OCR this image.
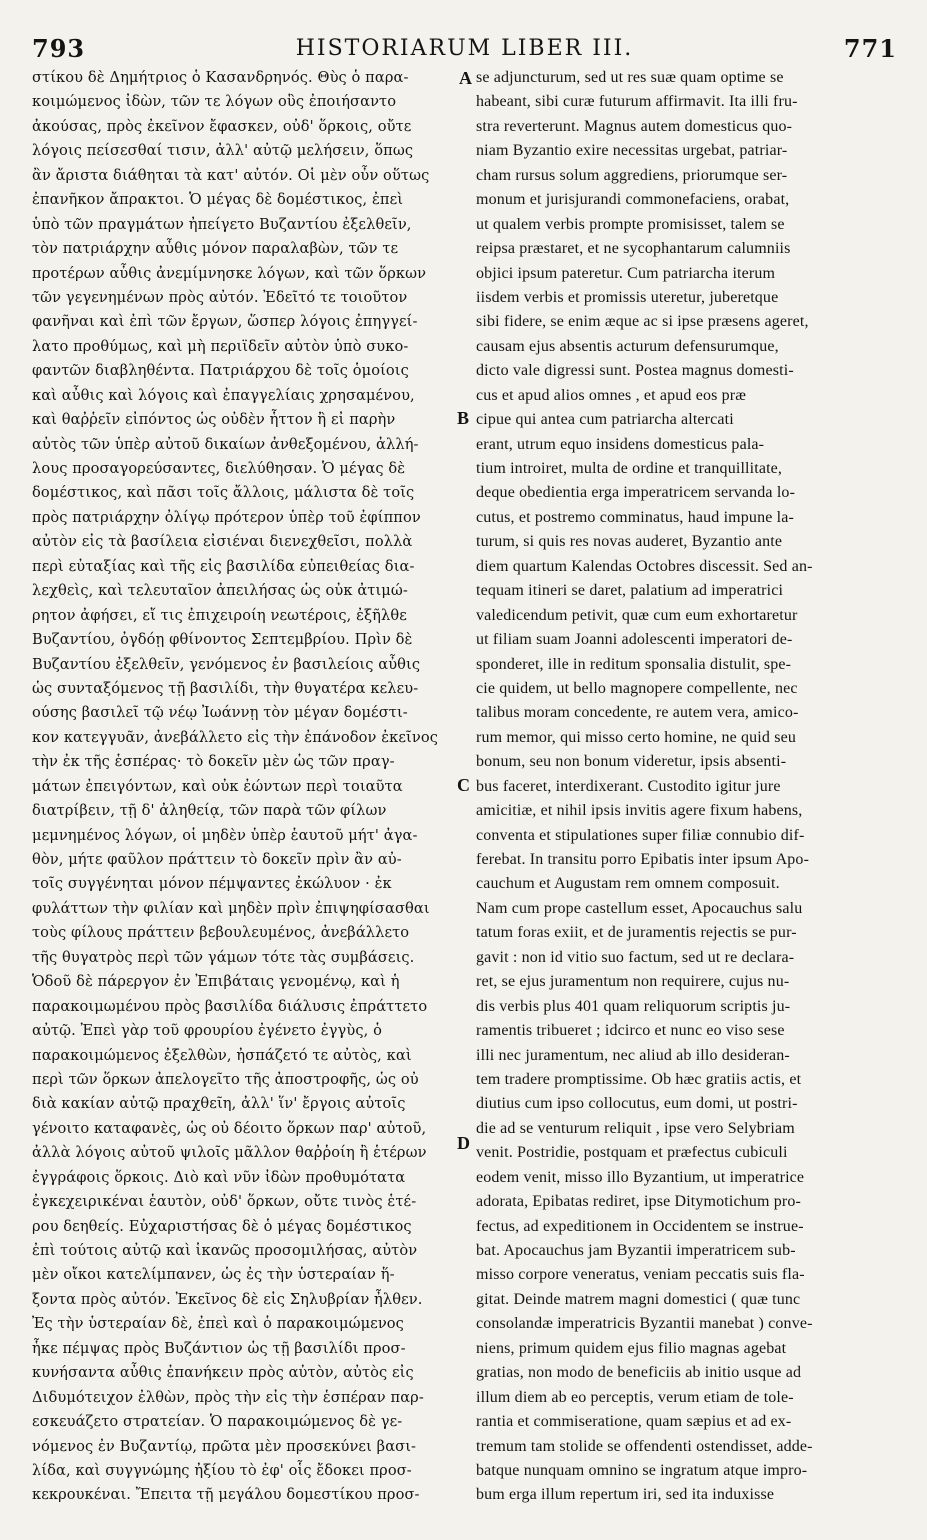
793	HISTORIARUM LIBER III.	771
στίκου δὲ Δημήτριος ὁ Κασανδρηνός. Θὺς ὁ παρα-
κοιμώμενος ἰδὼν, τῶν τε λόγων οὓς ἐποιήσαντο
ἀκούσας, πρὸς ἐκεῖνον ἔφασκεν, οὐδ' ὅρκοις, οὔτε
λόγοις πείσεσθαί τισιν, ἀλλ' αὐτῷ μελήσειν, ὅπως
ἂν ἄριστα διάθηται τὰ κατ' αὐτόν. Οἱ μὲν οὖν οὕτως
ἐπανῆκον ἄπρακτοι. Ὁ μέγας δὲ δομέστικος, ἐπεὶ
ὑπὸ τῶν πραγμάτων ἠπείγετο Βυζαντίου ἐξελθεῖν,
τὸν πατριάρχην αὖθις μόνον παραλαβὼν, τῶν τε
προτέρων αὖθις ἀνεμίμνησκε λόγων, καὶ τῶν ὅρκων
τῶν γεγενημένων πρὸς αὐτόν. Ἐδεῖτό τε τοιοῦτον
φανῆναι καὶ ἐπὶ τῶν ἔργων, ὥσπερ λόγοις ἐπηγγεί-
λατο προθύμως, καὶ μὴ περιϊδεῖν αὐτὸν ὑπὸ συκο-
φαντῶν διαβληθέντα. Πατριάρχου δὲ τοῖς ὁμοίοις
καὶ αὖθις καὶ λόγοις καὶ ἐπαγγελίαις χρησαμένου,
καὶ θαῤῥεῖν εἰπόντος ὡς οὐδὲν ἧττον ἢ εἰ παρὴν
αὐτὸς τῶν ὑπὲρ αὐτοῦ δικαίων ἀνθεξομένου, ἀλλή-
λους προσαγορεύσαντες, διελύθησαν. Ὁ μέγας δὲ
δομέστικος, καὶ πᾶσι τοῖς ἄλλοις, μάλιστα δὲ τοῖς
πρὸς πατριάρχην ὀλίγῳ πρότερον ὑπὲρ τοῦ ἐφίππον
αὐτὸν εἰς τὰ βασίλεια εἰσιέναι διενεχθεῖσι, πολλὰ
περὶ εὐταξίας καὶ τῆς εἰς βασιλίδα εὐπειθείας δια-
λεχθεὶς, καὶ τελευταῖον ἀπειλήσας ὡς οὐκ ἀτιμώ-
ρητον ἀφήσει, εἴ τις ἐπιχειροίη νεωτέροις, ἐξῆλθε
Βυζαντίου, ὀγδόῃ φθίνοντος Σεπτεμβρίου. Πρὶν δὲ
Βυζαντίου ἐξελθεῖν, γενόμενος ἐν βασιλείοις αὖθις
ὡς συνταξόμενος τῇ βασιλίδι, τὴν θυγατέρα κελευ-
ούσης βασιλεῖ τῷ νέῳ Ἰωάννῃ τὸν μέγαν δομέστι-
κον κατεγγυᾶν, ἀνεβάλλετο εἰς τὴν ἐπάνοδον ἐκεῖνος
τὴν ἐκ τῆς ἑσπέρας· τὸ δοκεῖν μὲν ὡς τῶν πραγ-
μάτων ἐπειγόντων, καὶ οὐκ ἐώντων περὶ τοιαῦτα
διατρίβειν, τῇ δ' ἀληθείᾳ, τῶν παρὰ τῶν φίλων
μεμνημένος λόγων, οἱ μηδὲν ὑπὲρ ἑαυτοῦ μήτ' ἀγα-
θὸν, μήτε φαῦλον πράττειν τὸ δοκεῖν πρὶν ἂν αὐ-
τοῖς συγγένηται μόνον πέμψαντες ἐκώλυον · ἐκ
φυλάττων τὴν φιλίαν καὶ μηδὲν πρὶν ἐπιψηφίσασθαι
τοὺς φίλους πράττειν βεβουλευμένος, ἀνεβάλλετο
τῆς θυγατρὸς περὶ τῶν γάμων τότε τὰς συμβάσεις.
Ὁδοῦ δὲ πάρεργον ἐν Ἐπιβάταις γενομένῳ, καὶ ἡ
παρακοιμωμένου πρὸς βασιλίδα διάλυσις ἐπράττετο
αὐτῷ. Ἐπεὶ γὰρ τοῦ φρουρίου ἐγένετο ἐγγὺς, ὁ
παρακοιμώμενος ἐξελθὼν, ἠσπάζετό τε αὐτὸς, καὶ
περὶ τῶν ὅρκων ἀπελογεῖτο τῆς ἀποστροφῆς, ὡς οὐ
διὰ κακίαν αὐτῷ πραχθεῖη, ἀλλ' ἵν' ἔργοις αὐτοῖς
γένοιτο καταφανὲς, ὡς οὐ δέοιτο ὅρκων παρ' αὐτοῦ,
ἀλλὰ λόγοις αὐτοῦ ψιλοῖς μᾶλλον θαῤῥοίη ἢ ἑτέρων
ἐγγράφοις ὅρκοις. Διὸ καὶ νῦν ἰδὼν προθυμότατα
ἐγκεχειρικέναι ἑαυτὸν, οὐδ' ὅρκων, οὔτε τινὸς ἑτέ-
ρου δεηθείς. Εὐχαριστήσας δὲ ὁ μέγας δομέστικος
ἐπὶ τούτοις αὐτῷ καὶ ἱκανῶς προσομιλήσας, αὐτὸν
μὲν οἴκοι κατελίμπανεν, ὡς ἐς τὴν ὑστεραίαν ἥ-
ξοντα πρὸς αὐτόν. Ἐκεῖνος δὲ εἰς Σηλυβρίαν ἦλθεν.
Ἐς τὴν ὑστεραίαν δὲ, ἐπεὶ καὶ ὁ παρακοιμώμενος
ἧκε πέμψας πρὸς Βυζάντιον ὡς τῇ βασιλίδι προσ-
κυνήσαντα αὖθις ἐπανήκειν πρὸς αὐτὸν, αὐτὸς εἰς
Διδυμότειχον ἐλθὼν, πρὸς τὴν εἰς τὴν ἑσπέραν παρ-
εσκευάζετο στρατείαν. Ὁ παρακοιμώμενος δὲ γε-
νόμενος ἐν Βυζαντίῳ, πρῶτα μὲν προσεκύνει βασι-
λίδα, καὶ συγγνώμης ἠξίου τὸ ἐφ' οἷς ἔδοκει προσ-
κεκρουκέναι. Ἔπειτα τῇ μεγάλου δομεστίκου προσ-
A
B
C
D
se adjuncturum, sed ut res suæ quam optime se
habeant, sibi curæ futurum affirmavit. Ita illi fru-
stra reverterunt. Magnus autem domesticus quo-
niam Byzantio exire necessitas urgebat, patriar-
cham rursus solum aggrediens, priorumque ser-
monum et jurisjurandi commonefaciens, orabat,
ut qualem verbis prompte promisisset, talem se
reipsa præstaret, et ne sycophantarum calumniis
objici ipsum pateretur. Cum patriarcha iterum
iisdem verbis et promissis uteretur, juberetque
sibi fidere, se enim æque ac si ipse præsens ageret,
causam ejus absentis acturum defensurumque,
dicto vale digressi sunt. Postea magnus domesti-
cus et apud alios omnes , et apud eos præ
cipue qui antea cum patriarcha altercati
erant, utrum equo insidens domesticus pala-
tium introiret, multa de ordine et tranquillitate,
deque obedientia erga imperatricem servanda lo-
cutus, et postremo comminatus, haud impune la-
turum, si quis res novas auderet, Byzantio ante
diem quartum Kalendas Octobres discessit. Sed an-
tequam itineri se daret, palatium ad imperatrici
valedicendum petivit, quæ cum eum exhortaretur
ut filiam suam Joanni adolescenti imperatori de-
sponderet, ille in reditum sponsalia distulit, spe-
cie quidem, ut bello magnopere compellente, nec
talibus moram concedente, re autem vera, amico-
rum memor, qui misso certo homine, ne quid seu
bonum, seu non bonum videretur, ipsis absenti-
bus faceret, interdixerant. Custodito igitur jure
amicitiæ, et nihil ipsis invitis agere fixum habens,
conventa et stipulationes super filiæ connubio dif-
ferebat. In transitu porro Epibatis inter ipsum Apo-
cauchum et Augustam rem omnem composuit.
Nam cum prope castellum esset, Apocauchus salu
tatum foras exiit, et de juramentis rejectis se pur-
gavit : non id vitio suo factum, sed ut re declara-
ret, se ejus juramentum non requirere, cujus nu-
dis verbis plus 401 quam reliquorum scriptis ju-
ramentis tribueret ; idcirco et nunc eo viso sese
illi nec juramentum, nec aliud ab illo desideran-
tem tradere promptissime. Ob hæc gratiis actis, et
diutius cum ipso collocutus, eum domi, ut postri-
die ad se venturum reliquit , ipse vero Selybriam
venit. Postridie, postquam et præfectus cubiculi
eodem venit, misso illo Byzantium, ut imperatrice
adorata, Epibatas rediret, ipse Ditymotichum pro-
fectus, ad expeditionem in Occidentem se instrue-
bat. Apocauchus jam Byzantii imperatricem sub-
misso corpore veneratus, veniam peccatis suis fla-
gitat. Deinde matrem magni domestici ( quæ tunc
consolandæ imperatricis Byzantii manebat ) conve-
niens, primum quidem ejus filio magnas agebat
gratias, non modo de beneficiis ab initio usque ad
illum diem ab eo perceptis, verum etiam de tole-
rantia et commiseratione, quam sæpius et ad ex-
tremum tam stolide se offendenti ostendisset, adde-
batque nunquam omnino se ingratum atque impro-
bum erga illum repertum iri, sed ita induxisse
